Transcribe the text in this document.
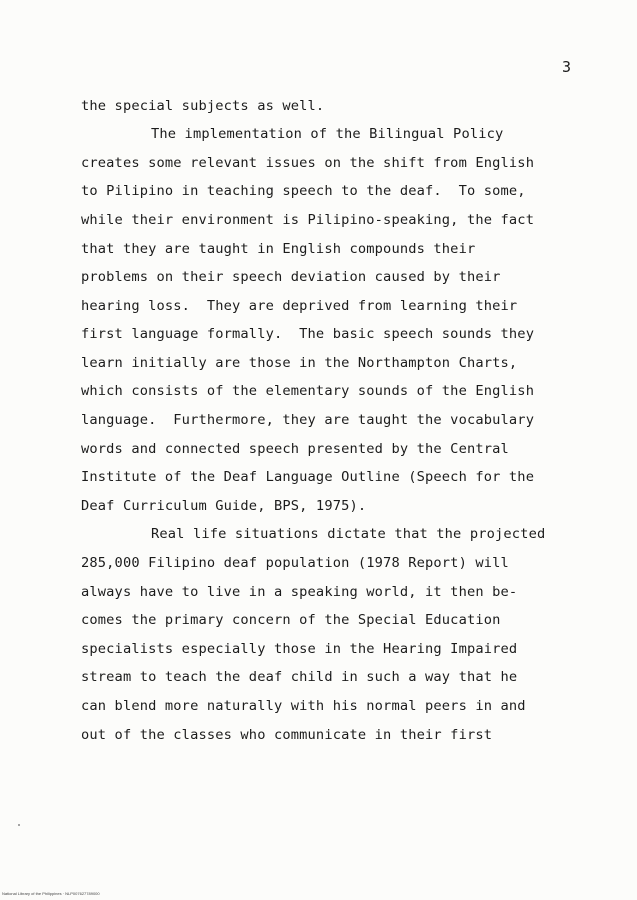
3
the special subjects as well.
The implementation of the Bilingual Policy
creates some relevant issues on the shift from English
to Pilipino in teaching speech to the deaf.  To some,
while their environment is Pilipino-speaking, the fact
that they are taught in English compounds their
problems on their speech deviation caused by their
hearing loss.  They are deprived from learning their
first language formally.  The basic speech sounds they
learn initially are those in the Northampton Charts,
which consists of the elementary sounds of the English
language.  Furthermore, they are taught the vocabulary
words and connected speech presented by the Central
Institute of the Deaf Language Outline (Speech for the
Deaf Curriculum Guide, BPS, 1975).
Real life situations dictate that the projected
285,000 Filipino deaf population (1978 Report) will
always have to live in a speaking world, it then be-
comes the primary concern of the Special Education
specialists especially those in the Hearing Impaired
stream to teach the deaf child in such a way that he
can blend more naturally with his normal peers in and
out of the classes who communicate in their first
National Library of the Philippines · NLP007627789000
